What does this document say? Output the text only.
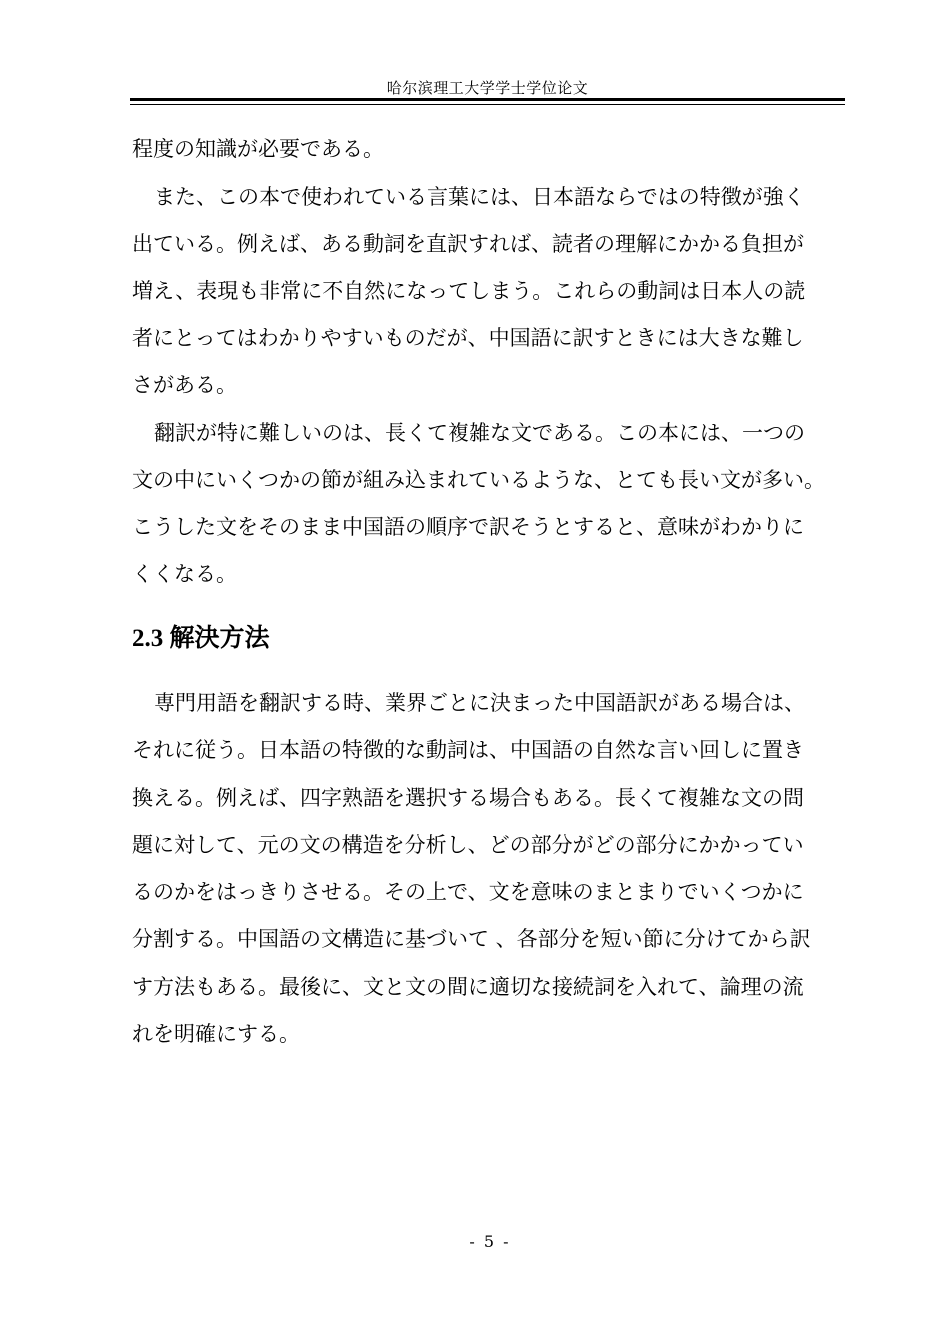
哈尔滨理工大学学士学位论文
程度の知識が必要である。
また、この本で使われている言葉には、日本語ならではの特徴が強く
出ている。例えば、ある動詞を直訳すれば、読者の理解にかかる負担が
増え、表現も非常に不自然になってしまう。これらの動詞は日本人の読
者にとってはわかりやすいものだが、中国語に訳すときには大きな難し
さがある。
翻訳が特に難しいのは、長くて複雑な文である。この本には、一つの
文の中にいくつかの節が組み込まれているような、とても長い文が多い。
こうした文をそのまま中国語の順序で訳そうとすると、意味がわかりに
くくなる。
2.3 解決方法
専門用語を翻訳する時、業界ごとに決まった中国語訳がある場合は、
それに従う。日本語の特徴的な動詞は、中国語の自然な言い回しに置き
換える。例えば、四字熟語を選択する場合もある。長くて複雑な文の問
題に対して、元の文の構造を分析し、どの部分がどの部分にかかってい
るのかをはっきりさせる。その上で、文を意味のまとまりでいくつかに
分割する。中国語の文構造に基づいて 、各部分を短い節に分けてから訳
す方法もある。最後に、文と文の間に適切な接続詞を入れて、論理の流
れを明確にする。
- 5 -
